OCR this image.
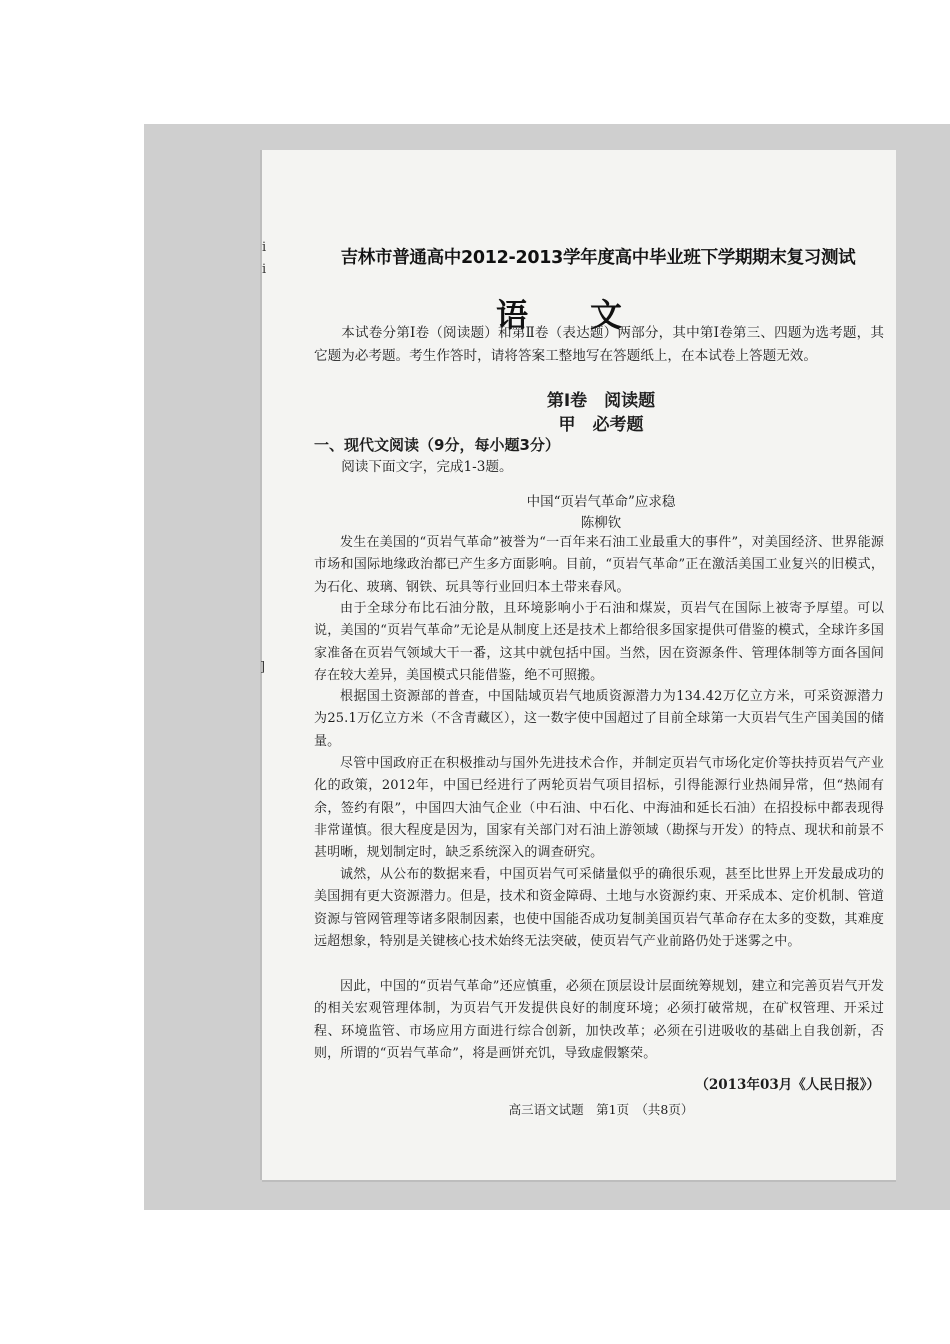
i
i
]
吉林市普通高中2012-2013学年度高中毕业班下学期期末复习测试
语文

本试卷分第Ⅰ卷（阅读题）和第Ⅱ卷（表达题）两部分，其中第Ⅰ卷第三、四题为选考题，其它题为必考题。考生作答时，请将答案工整地写在答题纸上，在本试卷上答题无效。

第Ⅰ卷　阅读题
甲　必考题
一、现代文阅读（9分，每小题3分）

阅读下面文字，完成1-3题。

中国“页岩气革命”应求稳
陈柳钦

发生在美国的“页岩气革命”被誉为“一百年来石油工业最重大的事件”，对美国经济、世界能源市场和国际地缘政治都已产生多方面影响。目前，“页岩气革命”正在激活美国工业复兴的旧模式，为石化、玻璃、钢铁、玩具等行业回归本土带来春风。

由于全球分布比石油分散，且环境影响小于石油和煤炭，页岩气在国际上被寄予厚望。可以说，美国的“页岩气革命”无论是从制度上还是技术上都给很多国家提供可借鉴的模式，全球许多国家准备在页岩气领域大干一番，这其中就包括中国。当然，因在资源条件、管理体制等方面各国间存在较大差异，美国模式只能借鉴，绝不可照搬。

根据国土资源部的普查，中国陆域页岩气地质资源潜力为134.42万亿立方米，可采资源潜力为25.1万亿立方米（不含青藏区），这一数字使中国超过了目前全球第一大页岩气生产国美国的储量。

尽管中国政府正在积极推动与国外先进技术合作，并制定页岩气市场化定价等扶持页岩气产业化的政策，2012年，中国已经进行了两轮页岩气项目招标，引得能源行业热闹异常，但“热闹有余，签约有限”，中国四大油气企业（中石油、中石化、中海油和延长石油）在招投标中都表现得非常谨慎。很大程度是因为，国家有关部门对石油上游领域（勘探与开发）的特点、现状和前景不甚明晰，规划制定时，缺乏系统深入的调查研究。

诚然，从公布的数据来看，中国页岩气可采储量似乎的确很乐观，甚至比世界上开发最成功的美国拥有更大资源潜力。但是，技术和资金障碍、土地与水资源约束、开采成本、定价机制、管道资源与管网管理等诸多限制因素，也使中国能否成功复制美国页岩气革命存在太多的变数，其难度远超想象，特别是关键核心技术始终无法突破，使页岩气产业前路仍处于迷雾之中。

因此，中国的“页岩气革命”还应慎重，必须在顶层设计层面统筹规划，建立和完善页岩气开发的相关宏观管理体制，为页岩气开发提供良好的制度环境；必须打破常规，在矿权管理、开采过程、环境监管、市场应用方面进行综合创新，加快改革；必须在引进吸收的基础上自我创新，否则，所谓的“页岩气革命”，将是画饼充饥，导致虚假繁荣。

（2013年03月《人民日报》）
高三语文试题　第1页　（共8页）
